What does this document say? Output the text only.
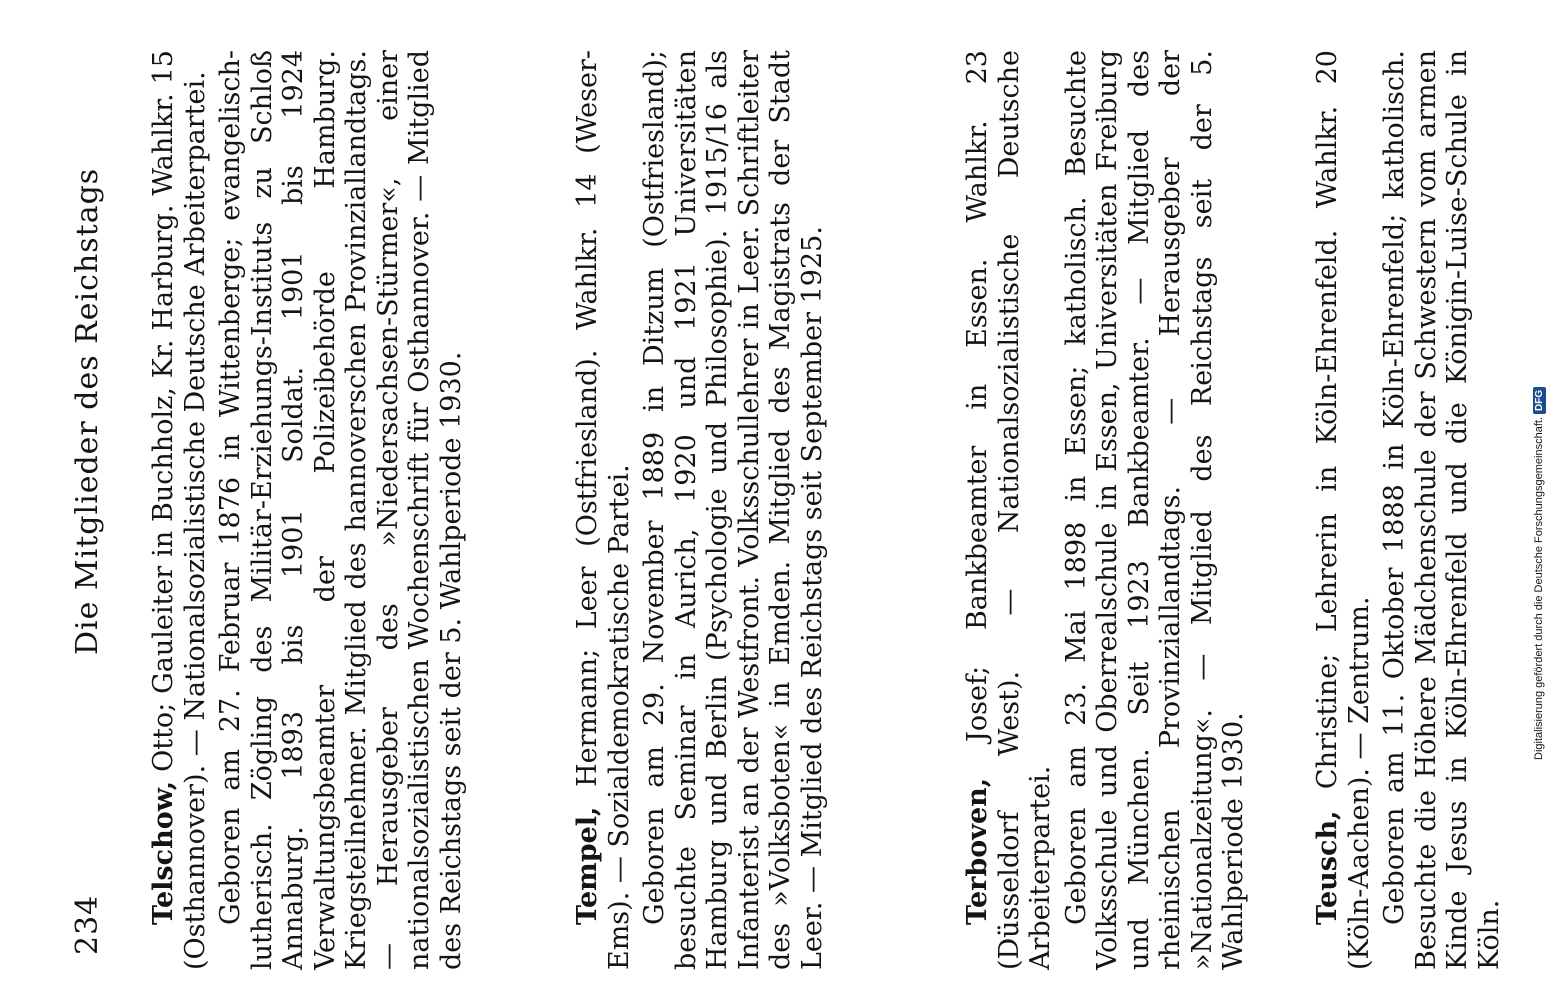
234
Die Mitglieder des Reichstags

Telschow, Otto; Gauleiter in Buchholz, Kr. Harburg. Wahlkr. 15 (Osthannover). — Nationalsozialistische Deutsche Arbeiterpartei. Geboren am 27. Februar 1876 in Wittenberge; evangelisch-lutherisch. Zögling des Militär-Erziehungs-Instituts zu Schloß Annaburg. 1893 bis 1901 Soldat. 1901 bis 1924 Verwaltungsbeamter der Polizeibehörde Hamburg. Kriegsteilnehmer. Mitglied des hannoverschen Provinziallandtags. — Herausgeber des »Niedersachsen-Stürmer«, einer nationalsozialistischen Wochenschrift für Osthannover. — Mitglied des Reichstags seit der 5. Wahlperiode 1930.	Tempel, Hermann; Leer (Ostfriesland). Wahlkr. 14 (Weser-Ems). — Sozialdemokratische Partei. Geboren am 29. November 1889 in Ditzum (Ostfriesland); besuchte Seminar in Aurich, 1920 und 1921 Universitäten Hamburg und Berlin (Psychologie und Philosophie). 1915/16 als Infanterist an der Westfront. Volksschullehrer in Leer. Schriftleiter des »Volksboten« in Emden. Mitglied des Magistrats der Stadt Leer. — Mitglied des Reichstags seit September 1925.	Terboven, Josef; Bankbeamter in Essen. Wahlkr. 23 (Düsseldorf West). — Nationalsozialistische Deutsche Arbeiterpartei. Geboren am 23. Mai 1898 in Essen; katholisch. Besuchte Volksschule und Oberrealschule in Essen, Universitäten Freiburg und München. Seit 1923 Bankbeamter. — Mitglied des rheinischen Provinziallandtags. — Herausgeber der »Nationalzeitung«. — Mitglied des Reichstags seit der 5. Wahlperiode 1930. Teusch, Christine; Lehrerin in Köln-Ehrenfeld. Wahlkr. 20 (Köln-Aachen). — Zentrum. Geboren am 11. Oktober 1888 in Köln-Ehrenfeld; katholisch. Besuchte die Höhere Mädchenschule der Schwestern vom armen Kinde Jesus in Köln-Ehrenfeld und die Königin-Luise-Schule in Köln.

Digitalisierung gefördert durch die Deutsche Forschungsgemeinschaft.DFG
